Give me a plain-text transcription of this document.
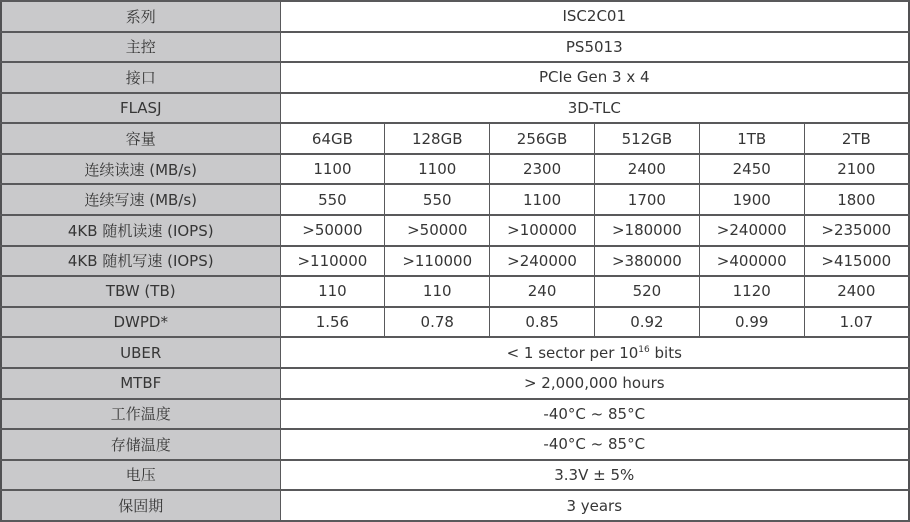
系列	ISC2C01					
主控	PS5013					
接口	PCIe Gen 3 x 4					
FLASJ	3D-TLC					
容量	64GB	128GB	256GB	512GB	1TB	2TB
连续读速 (MB/s)	1100	1100	2300	2400	2450	2100
连续写速 (MB/s)	550	550	1100	1700	1900	1800
4KB 随机读速 (IOPS)	>50000	>50000	>100000	>180000	>240000	>235000
4KB 随机写速 (IOPS)	>110000	>110000	>240000	>380000	>400000	>415000
TBW (TB)	110	110	240	520	1120	2400
DWPD*	1.56	0.78	0.85	0.92	0.99	1.07
UBER	< 1 sector per $10^{16}$ bits					
MTBF	> 2,000,000 hours					
工作温度	-40°C ~ 85°C					
存储温度	-40°C ~ 85°C					
电压	3.3V ± 5%					
保固期	3 years					
